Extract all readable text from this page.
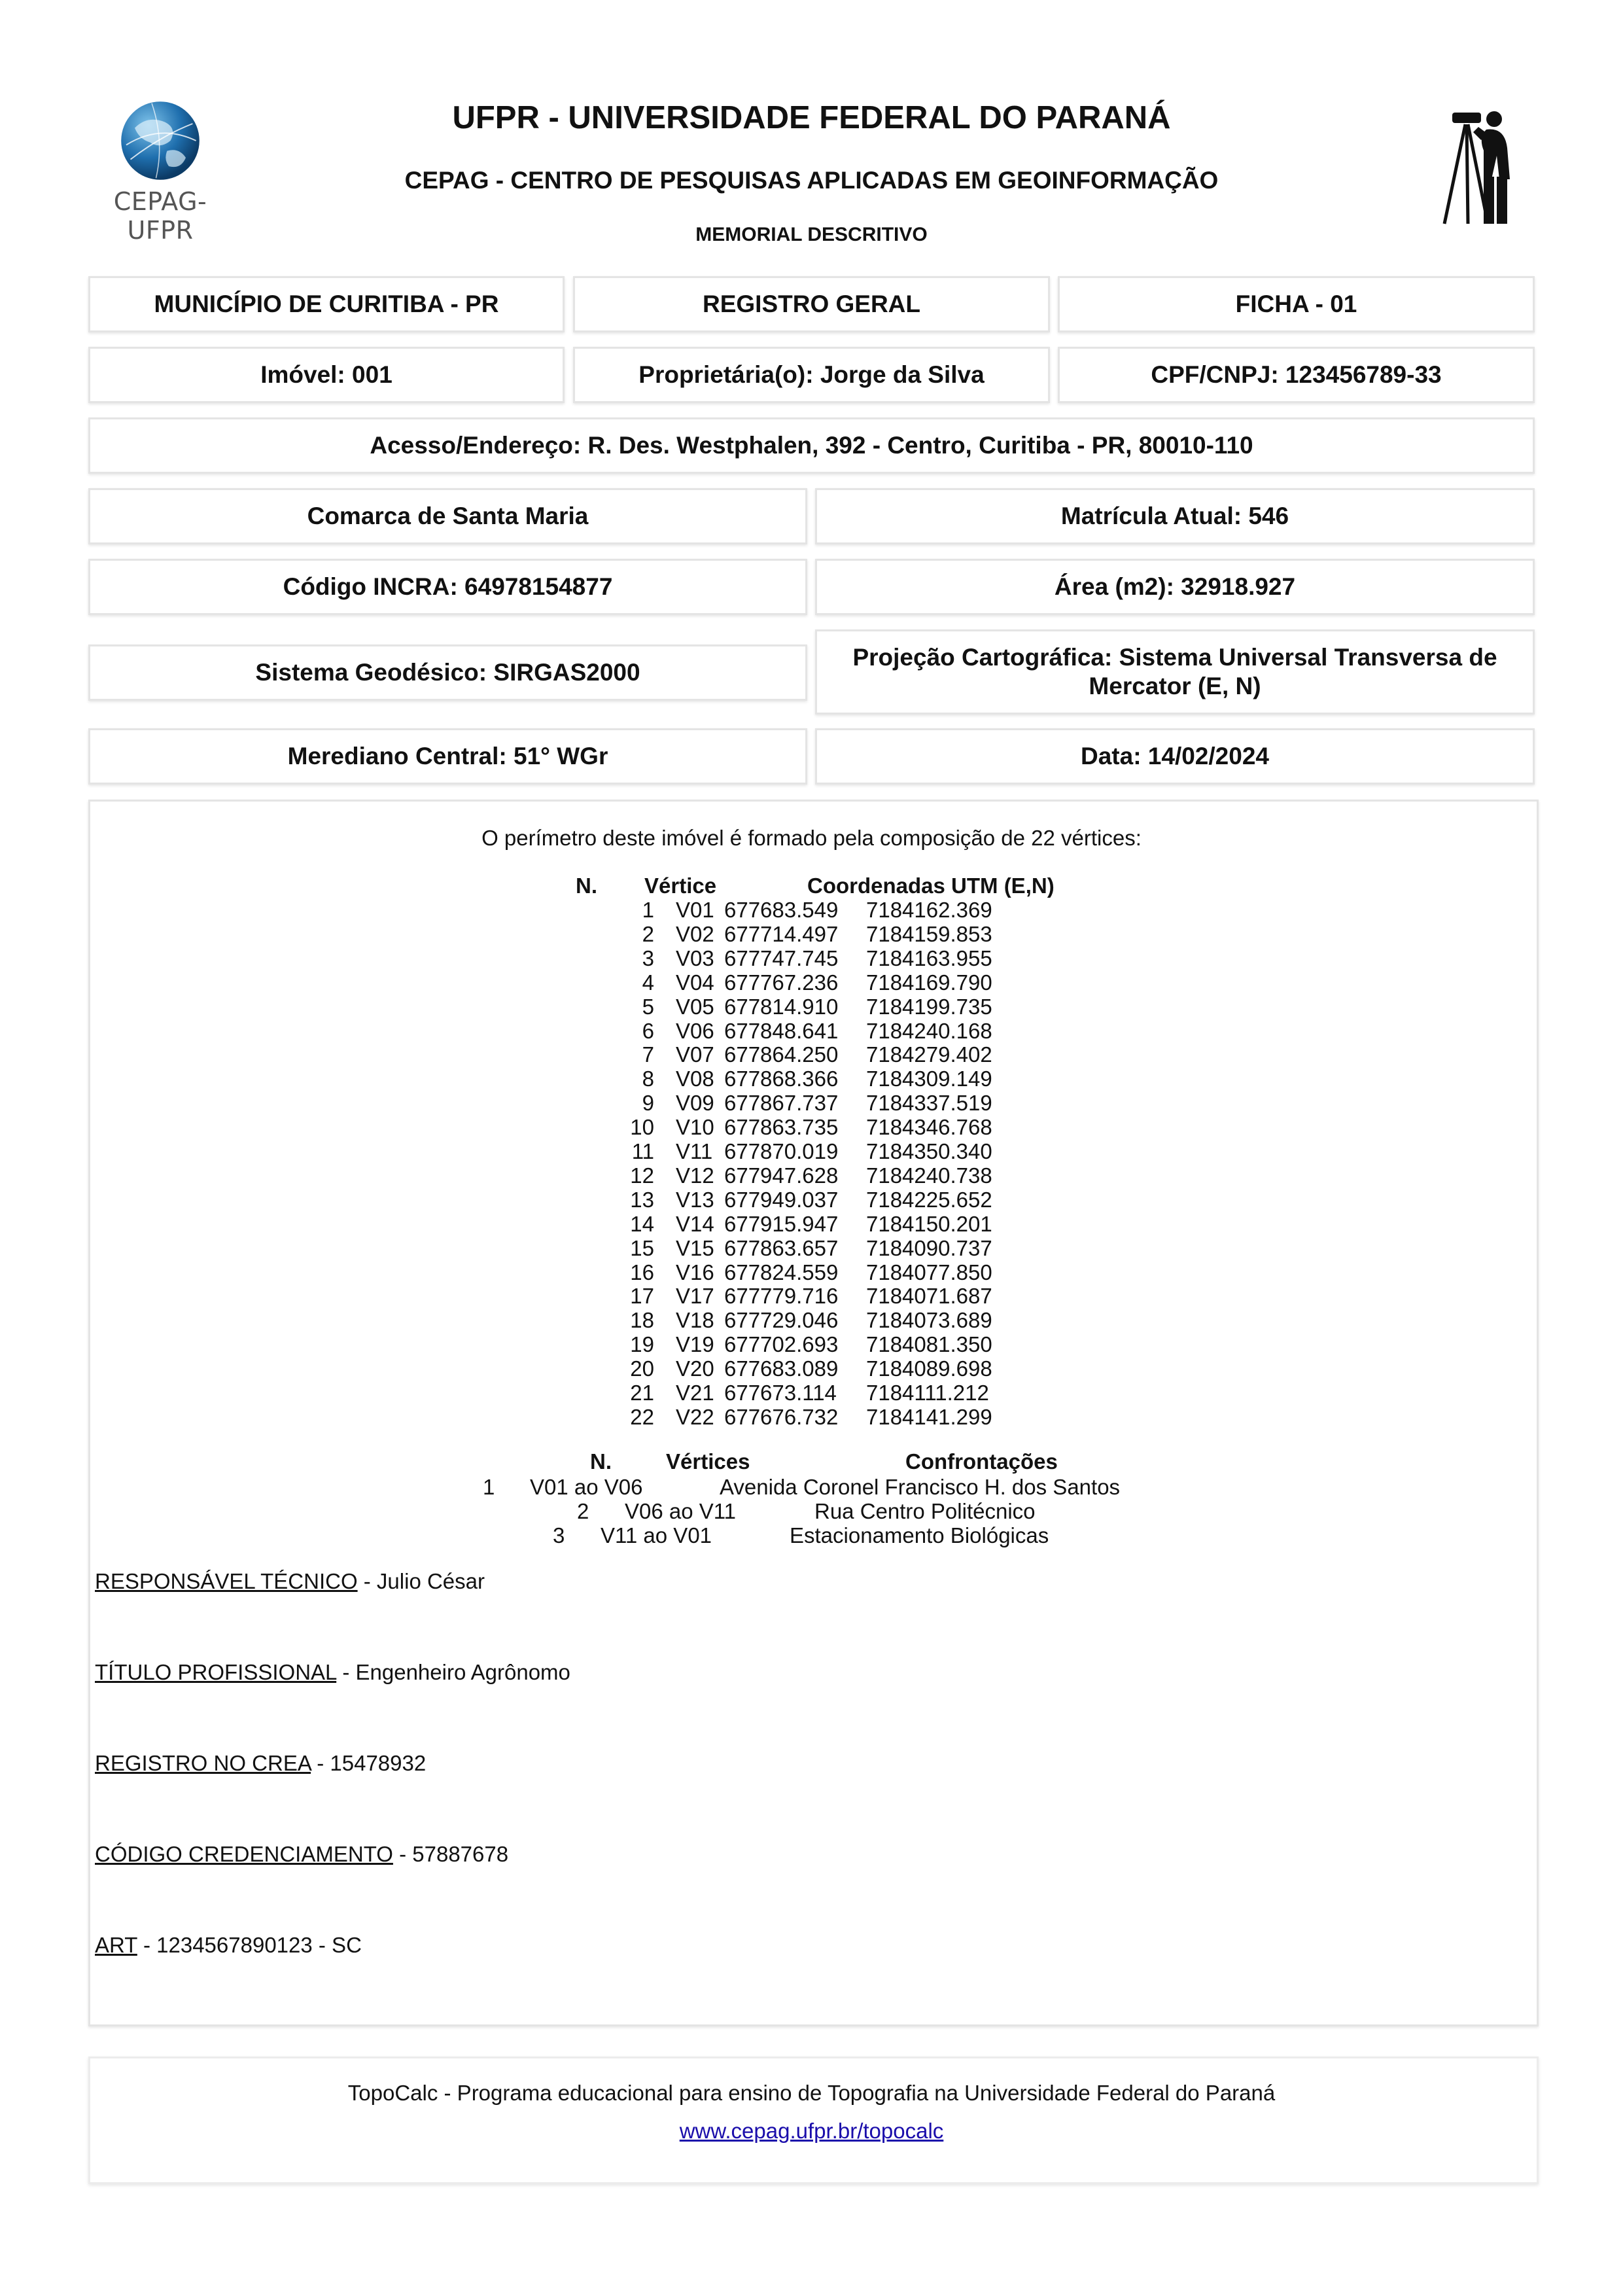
CEPAG-UFPR
UFPR - UNIVERSIDADE FEDERAL DO PARANÁ
CEPAG - CENTRO DE PESQUISAS APLICADAS EM GEOINFORMAÇÃO
MEMORIAL DESCRITIVO
MUNICÍPIO DE CURITIBA - PR	REGISTRO GERAL	FICHA - 01
Imóvel: 001	Proprietária(o): Jorge da Silva	CPF/CNPJ: 123456789-33
Acesso/Endereço: R. Des. Westphalen, 392 - Centro, Curitiba - PR, 80010-110
Comarca de Santa Maria	Matrícula Atual: 546
Código INCRA: 64978154877	Área (m2): 32918.927
Sistema Geodésico: SIRGAS2000
Projeção Cartográfica: Sistema Universal Transversa de Mercator (E, N)
Merediano Central: 51° WGr	Data: 14/02/2024
O perímetro deste imóvel é formado pela composição de 22 vértices:
N. Vértice	Coordenadas UTM (E,N)
1 V01 677683.549 7184162.369
2 V02 677714.497 7184159.853
3 V03 677747.745 7184163.955
4 V04 677767.236 7184169.790
5 V05 677814.910 7184199.735
6 V06 677848.641 7184240.168
7 V07 677864.250 7184279.402
8 V08 677868.366 7184309.149
9 V09 677867.737 7184337.519
10 V10 677863.735 7184346.768
11 V11 677870.019 7184350.340
12 V12 677947.628 7184240.738
13 V13 677949.037 7184225.652
14 V14 677915.947 7184150.201
15 V15 677863.657 7184090.737
16 V16 677824.559 7184077.850
17 V17 677779.716 7184071.687
18 V18 677729.046 7184073.689
19 V19 677702.693 7184081.350
20 V20 677683.089 7184089.698
21 V21 677673.114 7184111.212
22 V22 677676.732 7184141.299
N.	Vértices	Confrontações
1 V01 ao V06	Avenida Coronel Francisco H. dos Santos
2 V06 ao V11	Rua Centro Politécnico
3 V11 ao V01	Estacionamento Biológicas
RESPONSÁVEL TÉCNICO - Julio César
TÍTULO PROFISSIONAL - Engenheiro Agrônomo
REGISTRO NO CREA - 15478932
CÓDIGO CREDENCIAMENTO - 57887678
ART - 1234567890123 - SC
TopoCalc - Programa educacional para ensino de Topografia na Universidade Federal do Paraná
www.cepag.ufpr.br/topocalc
